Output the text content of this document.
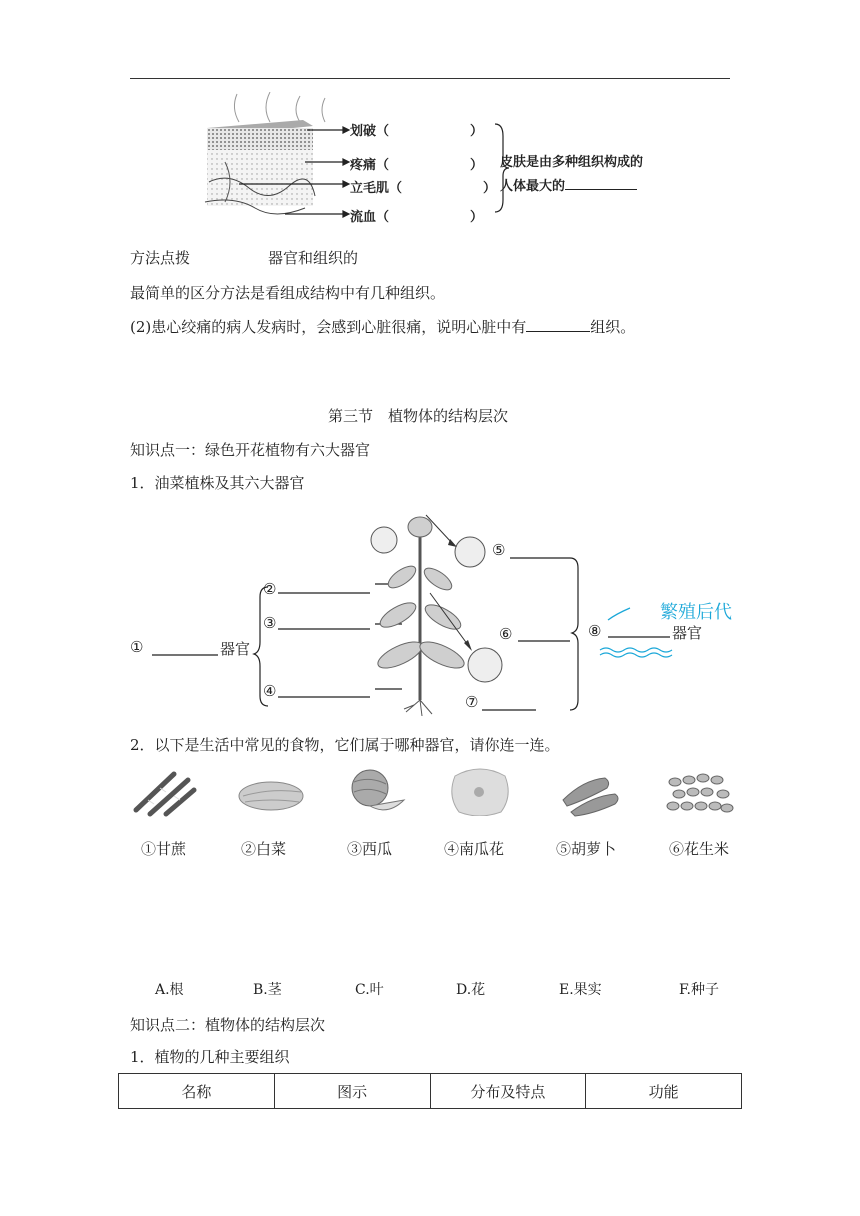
划破（
疼痛（
立毛肌（
流血（
）
）
）
）
皮肤是由多种组织构成的
人体最大的
方法点拨	器官和组织的
最简单的区分方法是看组成结构中有几种组织。
(2)患心绞痛的病人发病时，会感到心脏很痛，说明心脏中有	组织。
第三节　植物体的结构层次
知识点一：绿色开花植物有六大器官
1．油菜植株及其六大器官
①	器官
②
③
④
⑤
⑥
⑦
⑧	器官
繁殖后代
2．以下是生活中常见的食物，它们属于哪种器官，请你连一连。
①甘蔗	②白菜	③西瓜	④南瓜花	⑤胡萝卜	⑥花生米
A.根	B.茎	C.叶	D.花	E.果实	F.种子
知识点二：植物体的结构层次
1．植物的几种主要组织
名称	图示	分布及特点	功能
